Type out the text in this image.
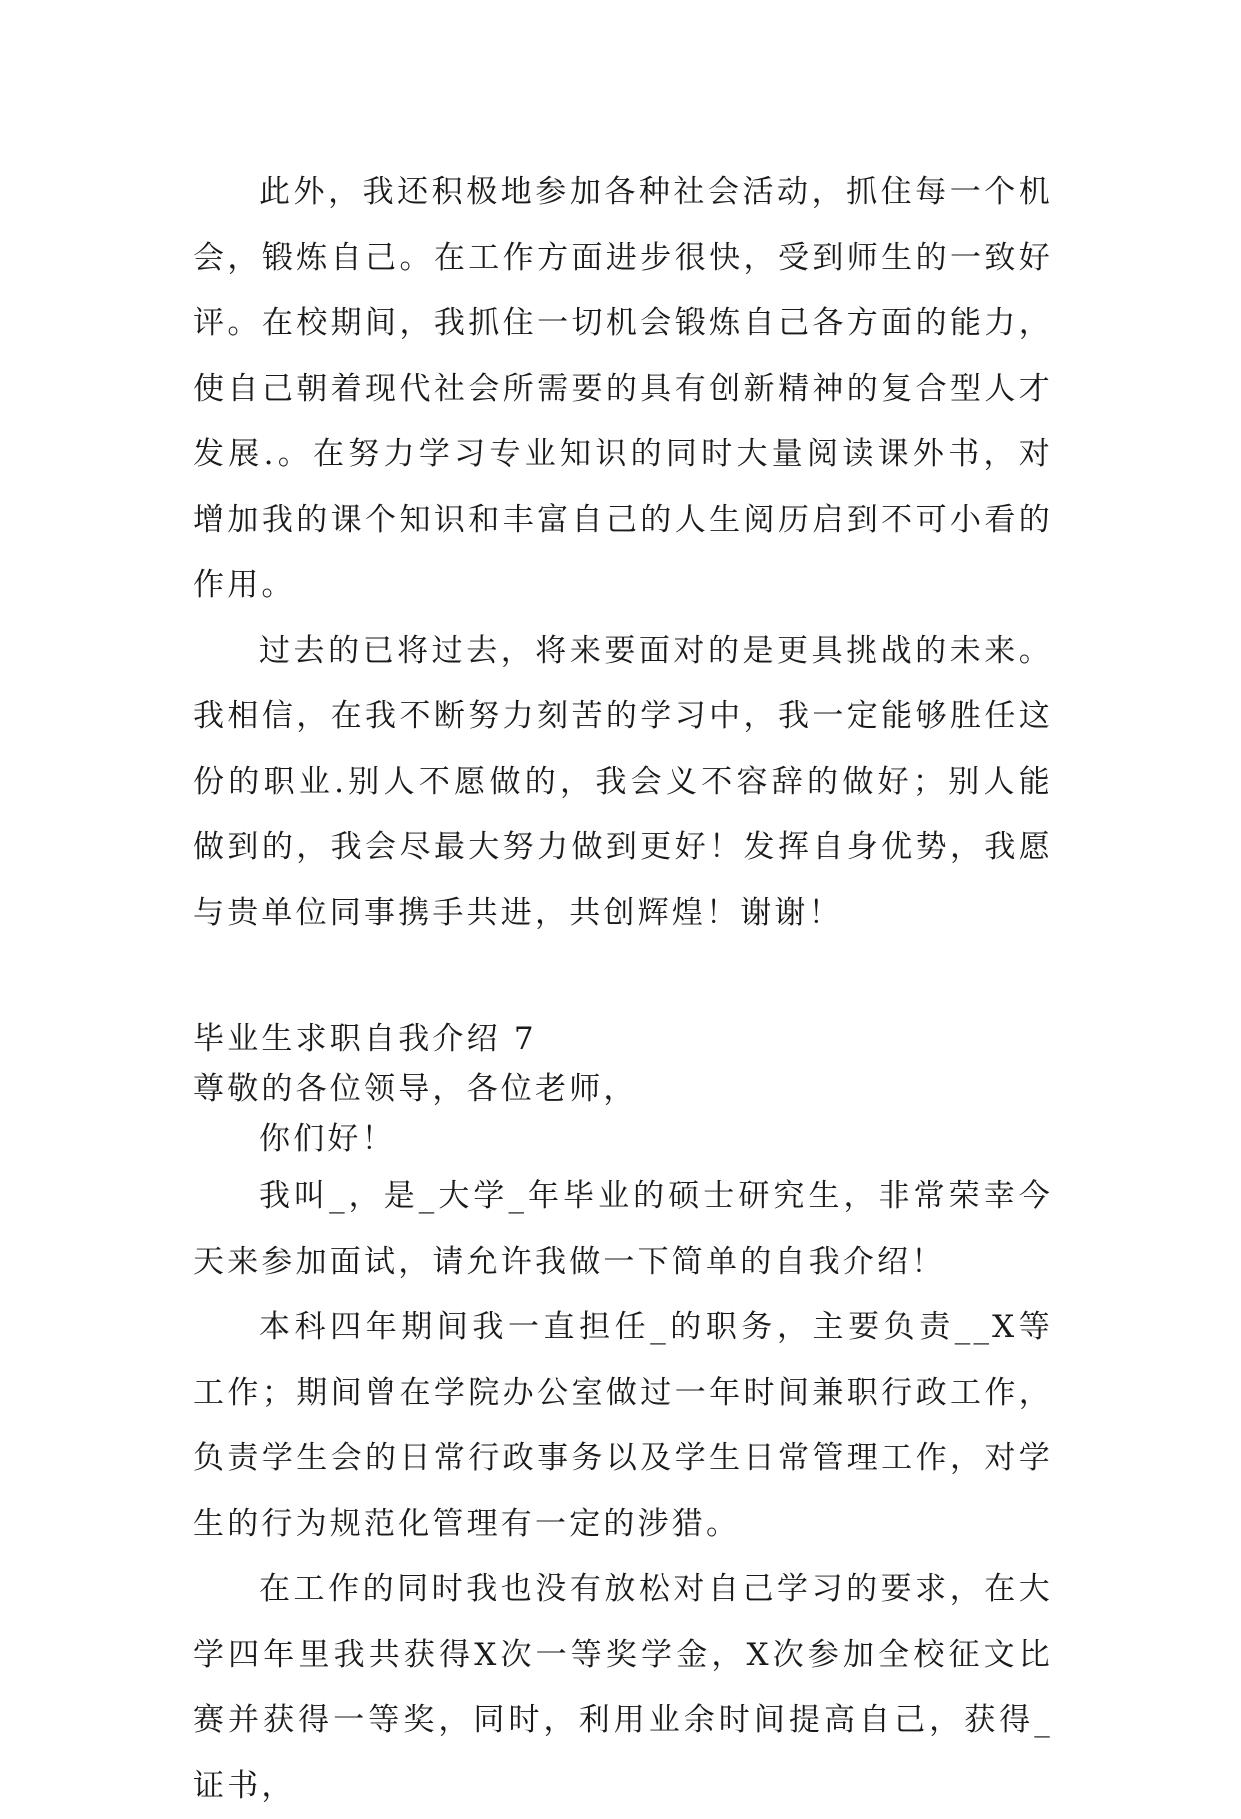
此外，我还积极地参加各种社会活动，抓住每一个机会，锻炼自己。在工作方面进步很快，受到师生的一致好评。在校期间，我抓住一切机会锻炼自己各方面的能力，使自己朝着现代社会所需要的具有创新精神的复合型人才发展.。在努力学习专业知识的同时大量阅读课外书，对增加我的课个知识和丰富自己的人生阅历启到不可小看的作用。

过去的已将过去，将来要面对的是更具挑战的未来。我相信，在我不断努力刻苦的学习中，我一定能够胜任这份的职业.别人不愿做的，我会义不容辞的做好；别人能做到的，我会尽最大努力做到更好！发挥自身优势，我愿与贵单位同事携手共进，共创辉煌！谢谢！

毕业生求职自我介绍 7

尊敬的各位领导，各位老师，

你们好！

我叫_，是_大学_年毕业的硕士研究生，非常荣幸今天来参加面试，请允许我做一下简单的自我介绍！

本科四年期间我一直担任_的职务，主要负责__X等工作；期间曾在学院办公室做过一年时间兼职行政工作，负责学生会的日常行政事务以及学生日常管理工作，对学生的行为规范化管理有一定的涉猎。

在工作的同时我也没有放松对自己学习的要求，在大学四年里我共获得X次一等奖学金，X次参加全校征文比赛并获得一等奖，同时，利用业余时间提高自己，获得_证书，
